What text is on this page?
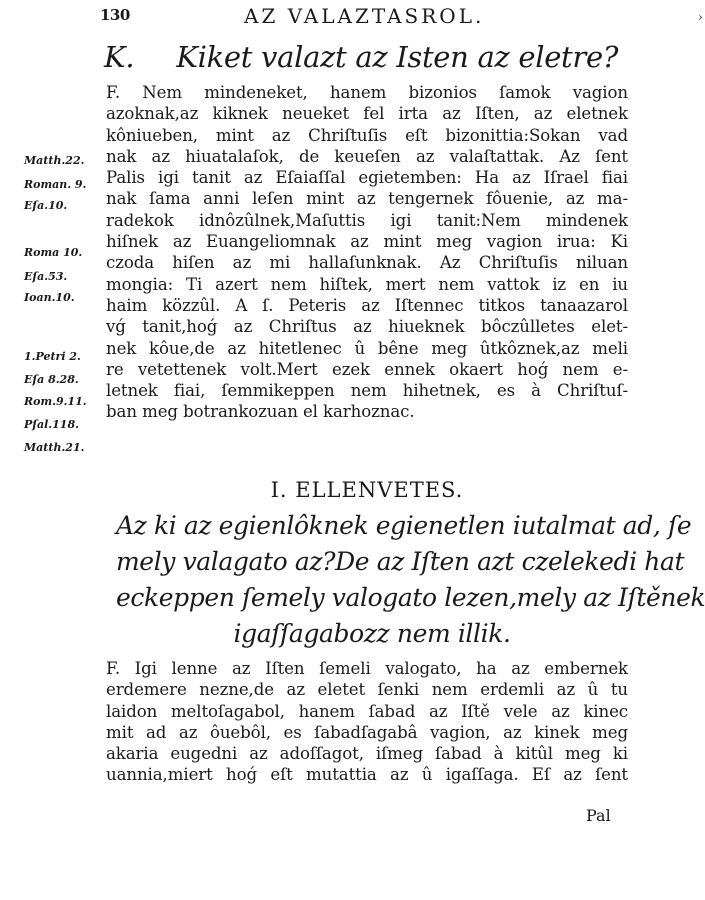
130	AZ VALAZTASROL.	›
K. Kiket valazt az Isten az eletre?
F. Nem mindeneket, hanem bizonios ſamok vagion
azoknak,az kiknek neueket fel irta az Iſten, az eletnek
kôniueben, mint az Chriſtuſis eſt bizonittia:Sokan vad
nak az hiuatalaſok, de keueſen az valaſtattak. Az ſent
Palis igi tanit az Eſaiaſſal egietemben: Ha az Iſrael fiai
nak ſama anni leſen mint az tengernek fôuenie, az ma-
radekok idnôzûlnek,Maſuttis igi tanit:Nem mindenek
hiſnek az Euangeliomnak az mint meg vagion irua: Ki
czoda hiſen az mi hallaſunknak. Az Chriſtuſis niluan
mongia: Ti azert nem hiſtek, mert nem vattok iz en iu
haim közzûl. A ſ. Peteris az Iſtennec titkos tanaazarol
vǵ tanit,hoǵ az Chriſtus az hiueknek bôczûlletes elet-
nek kôue,de az hitetlenec û bêne meg ûtkôznek,az meli
re vetettenek volt.Mert ezek ennek okaert hoǵ nem e-
letnek fiai, ſemmikeppen nem hihetnek, es à Chriſtuſ-
ban meg botrankozuan el karhoznac.
Matth.22.
Roman. 9.
Eſa.10.
Roma 10.
Eſa.53.
Ioan.10.
1.Petri 2.
Eſa 8.28.
Rom.9.11.
Pſal.118.
Matth.21.
I. ELLENVETES.
Az ki az egienlôknek egienetlen iutalmat ad, ſe
mely valagato az?De az Iſten azt czelekedi hat
eckeppen ſemely valogato lezen,mely az Iſtěnek
igaſſagabozz nem illik.
F. Igi lenne az Iſten ſemeli valogato, ha az embernek
erdemere nezne,de az eletet ſenki nem erdemli az û tu
laidon meltoſagabol, hanem ſabad az Iſtě vele az kinec
mit ad az ôuebôl, es ſabadſagabâ vagion, az kinek meg
akaria eugedni az adoſſagot, iſmeg ſabad à kitûl meg ki
uannia,miert hoǵ eſt mutattia az û igaſſaga. Eſ az ſent
Pal
